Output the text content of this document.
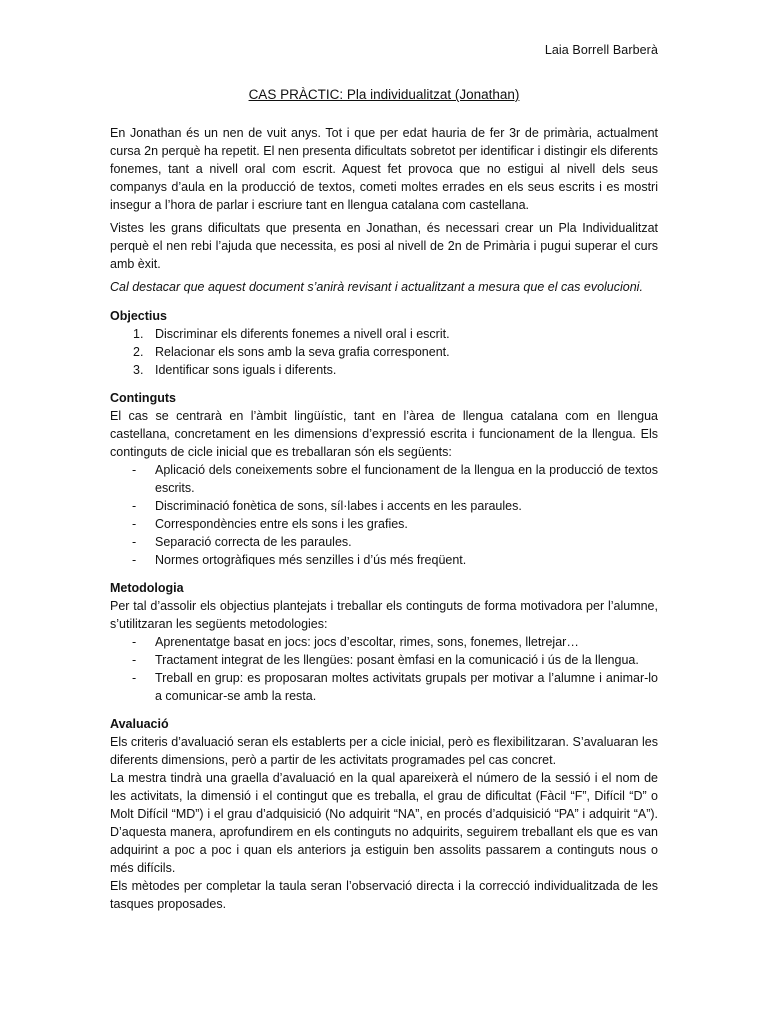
Laia Borrell Barberà
CAS PRÀCTIC: Pla individualitzat (Jonathan)

En Jonathan és un nen de vuit anys. Tot i que per edat hauria de fer 3r de primària, actualment cursa 2n perquè ha repetit. El nen presenta dificultats sobretot per identificar i distingir els diferents fonemes, tant a nivell oral com escrit. Aquest fet provoca que no estigui al nivell dels seus companys d’aula en la producció de textos, cometi moltes errades en els seus escrits i es mostri insegur a l’hora de parlar i escriure tant en llengua catalana com castellana.

Vistes les grans dificultats que presenta en Jonathan, és necessari crear un Pla Individualitzat perquè el nen rebi l’ajuda que necessita, es posi al nivell de 2n de Primària i pugui superar el curs amb èxit.

Cal destacar que aquest document s’anirà revisant i actualitzant a mesura que el cas evolucioni.

Objectius

1. Discriminar els diferents fonemes a nivell oral i escrit.
2. Relacionar els sons amb la seva grafia corresponent.
3. Identificar sons iguals i diferents.

Continguts

El cas se centrarà en l’àmbit lingüístic, tant en l’àrea de llengua catalana com en llengua castellana, concretament en les dimensions d’expressió escrita i funcionament de la llengua. Els continguts de cicle inicial que es treballaran són els següents:

- Aplicació dels coneixements sobre el funcionament de la llengua en la producció de textos escrits.
- Discriminació fonètica de sons, síl·labes i accents en les paraules.
- Correspondències entre els sons i les grafies.
- Separació correcta de les paraules.
- Normes ortogràfiques més senzilles i d’ús més freqüent.

Metodologia

Per tal d’assolir els objectius plantejats i treballar els continguts de forma motivadora per l’alumne, s’utilitzaran les següents metodologies:

- Aprenentatge basat en jocs: jocs d’escoltar, rimes, sons, fonemes, lletrejar…
- Tractament integrat de les llengües: posant èmfasi en la comunicació i ús de la llengua.
- Treball en grup: es proposaran moltes activitats grupals per motivar a l’alumne i animar-lo a comunicar-se amb la resta.

Avaluació

Els criteris d’avaluació seran els establerts per a cicle inicial, però es flexibilitzaran. S’avaluaran les diferents dimensions, però a partir de les activitats programades pel cas concret.

La mestra tindrà una graella d’avaluació en la qual apareixerà el número de la sessió i el nom de les activitats, la dimensió i el contingut que es treballa, el grau de dificultat (Fàcil “F”, Difícil “D” o Molt Difícil “MD”) i el grau d’adquisició (No adquirit “NA”, en procés d’adquisició “PA” i adquirit “A”). D’aquesta manera, aprofundirem en els continguts no adquirits, seguirem treballant els que es van adquirint a poc a poc i quan els anteriors ja estiguin ben assolits passarem a continguts nous o més difícils.

Els mètodes per completar la taula seran l’observació directa i la correcció individualitzada de les tasques proposades.
